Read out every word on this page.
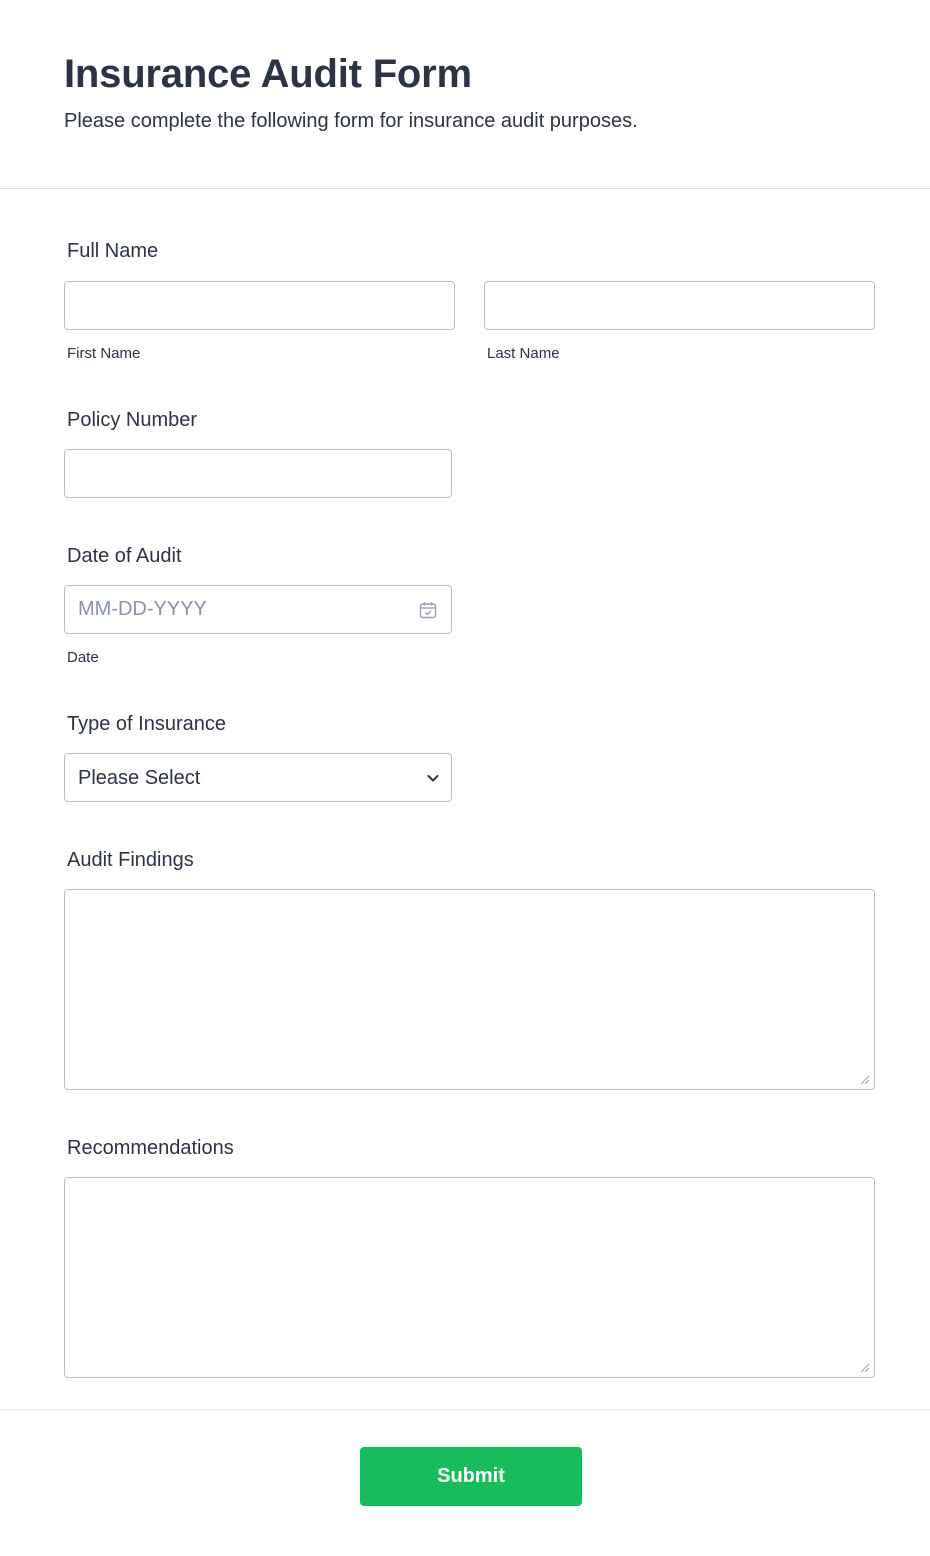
Insurance Audit Form

Please complete the following form for insurance audit purposes.

Full Name
First Name	Last Name
Policy Number
Date of Audit
MM-DD-YYYY
Date
Type of Insurance
Please Select
Audit Findings
Recommendations
Submit
